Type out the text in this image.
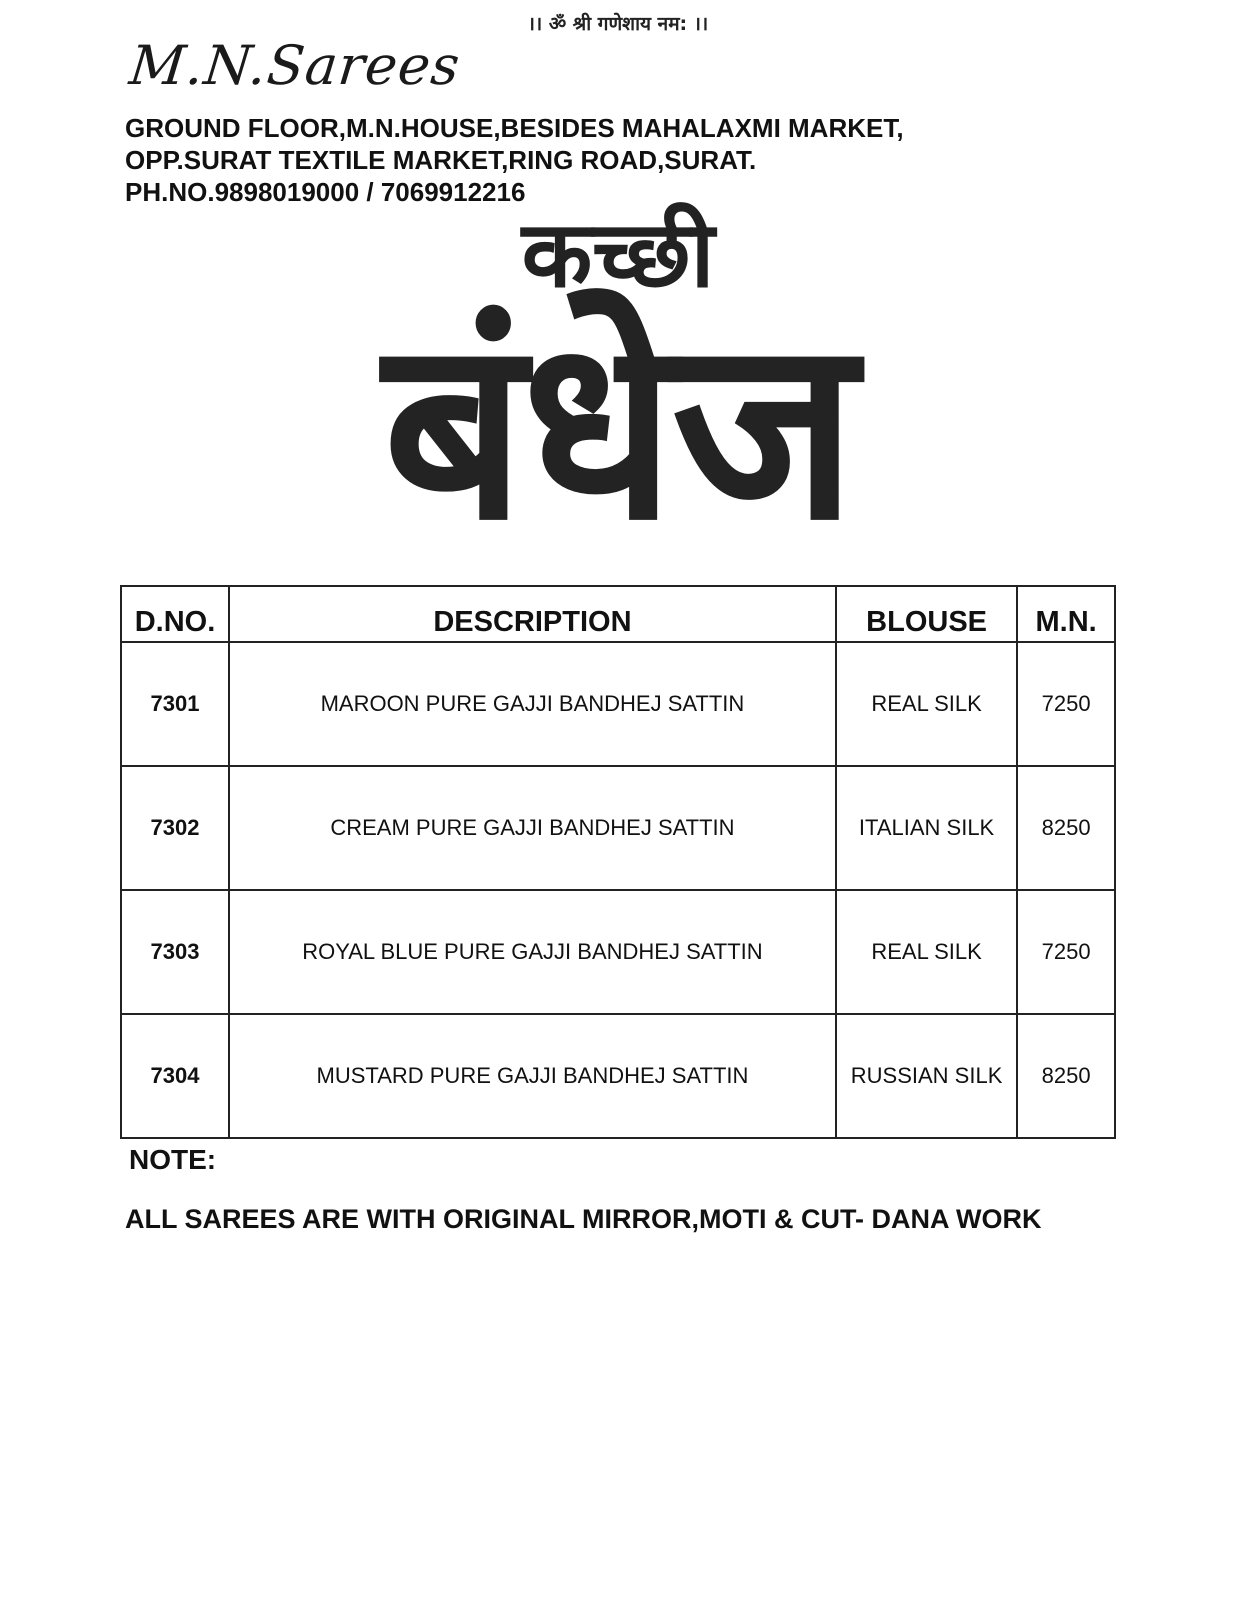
।। ॐ श्री गणेशाय नम: ।।
M.N.Sarees
GROUND FLOOR,M.N.HOUSE,BESIDES MAHALAXMI MARKET,
OPP.SURAT TEXTILE MARKET,RING ROAD,SURAT.
PH.NO.9898019000 / 7069912216
कच्छी
बंधेज
D.NO.	DESCRIPTION	BLOUSE	M.N.
7301	MAROON PURE GAJJI BANDHEJ SATTIN	REAL SILK	7250
7302	CREAM PURE GAJJI BANDHEJ SATTIN	ITALIAN SILK	8250
7303	ROYAL BLUE PURE GAJJI BANDHEJ SATTIN	REAL SILK	7250
7304	MUSTARD PURE GAJJI BANDHEJ SATTIN	RUSSIAN SILK	8250
NOTE:
ALL SAREES ARE WITH ORIGINAL MIRROR,MOTI & CUT- DANA WORK
